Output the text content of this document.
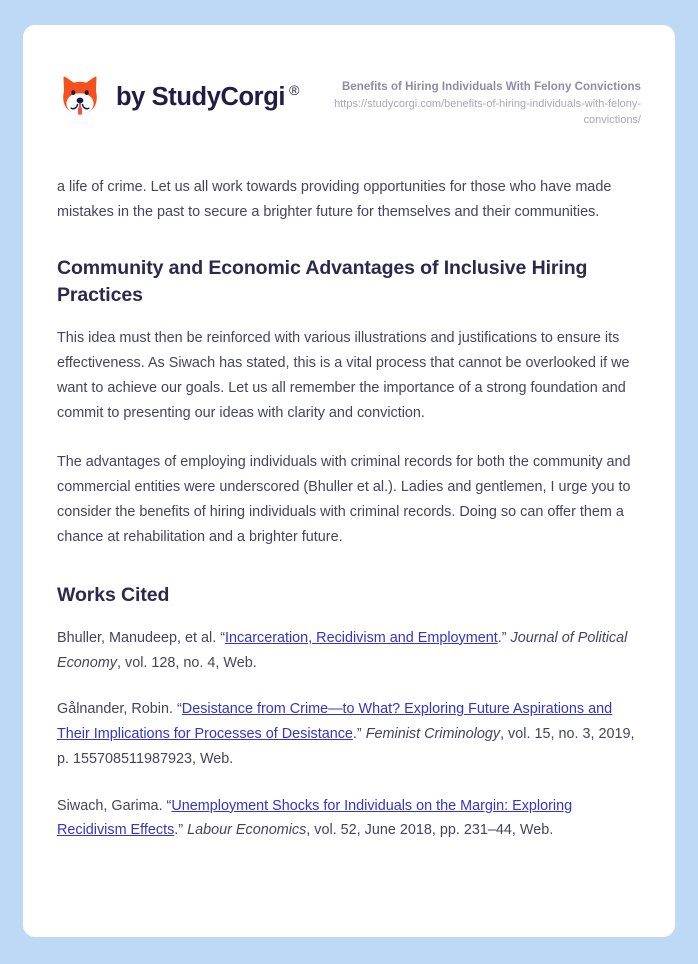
by StudyCorgi ®	Benefits of Hiring Individuals With Felony Convictions
https://studycorgi.com/benefits-of-hiring-individuals-with-felony-convictions/

a life of crime. Let us all work towards providing opportunities for those who have made mistakes in the past to secure a brighter future for themselves and their communities.

Community and Economic Advantages of Inclusive Hiring Practices

This idea must then be reinforced with various illustrations and justifications to ensure its effectiveness. As Siwach has stated, this is a vital process that cannot be overlooked if we want to achieve our goals. Let us all remember the importance of a strong foundation and commit to presenting our ideas with clarity and conviction.

The advantages of employing individuals with criminal records for both the community and commercial entities were underscored (Bhuller et al.). Ladies and gentlemen, I urge you to consider the benefits of hiring individuals with criminal records. Doing so can offer them a chance at rehabilitation and a brighter future.

Works Cited
Bhuller, Manudeep, et al. “Incarceration, Recidivism and Employment.” Journal of Political Economy, vol. 128, no. 4, Web.
Gålnander, Robin. “Desistance from Crime—to What? Exploring Future Aspirations and Their Implications for Processes of Desistance.” Feminist Criminology, vol. 15, no. 3, 2019, p. 155708511987923, Web.
Siwach, Garima. “Unemployment Shocks for Individuals on the Margin: Exploring Recidivism Effects.” Labour Economics, vol. 52, June 2018, pp. 231–44, Web.
